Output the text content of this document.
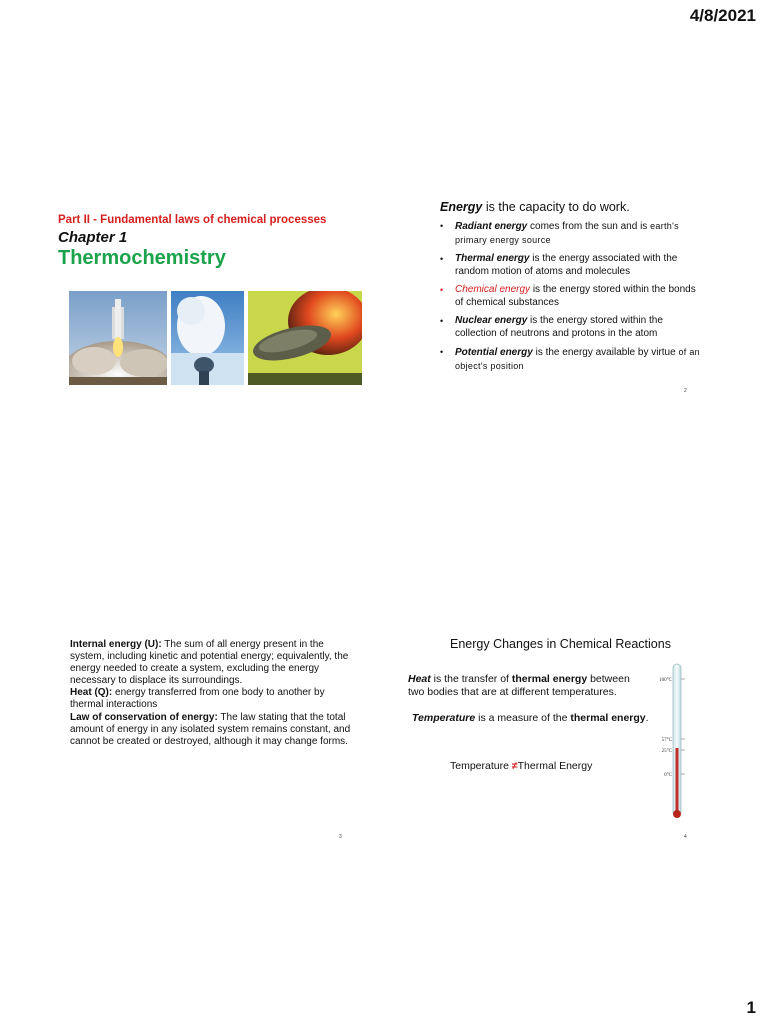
4/8/2021
Part II - Fundamental laws of chemical processes
Chapter 1
Thermochemistry
Energy is the capacity to do work.
• Radiant energy comes from the sun and is earth's primary energy source
• Thermal energy is the energy associated with the random motion of atoms and molecules
• Chemical energy is the energy stored within the bonds of chemical substances
• Nuclear energy is the energy stored within the collection of neutrons and protons in the atom
• Potential energy is the energy available by virtue of an object's position
2
Internal energy (U): The sum of all energy present in the system, including kinetic and potential energy; equivalently, the energy needed to create a system, excluding the energy necessary to displace its surroundings.
Heat (Q): energy transferred from one body to another by thermal interactions
Law of conservation of energy: The law stating that the total amount of energy in any isolated system remains constant, and cannot be created or destroyed, although it may change forms.
3
Energy Changes in Chemical Reactions
Heat is the transfer of thermal energy between two bodies that are at different temperatures.
Temperature is a measure of the thermal energy.
Temperature ≠Thermal Energy
100°C
57°C
25°C
0°C
4
1
